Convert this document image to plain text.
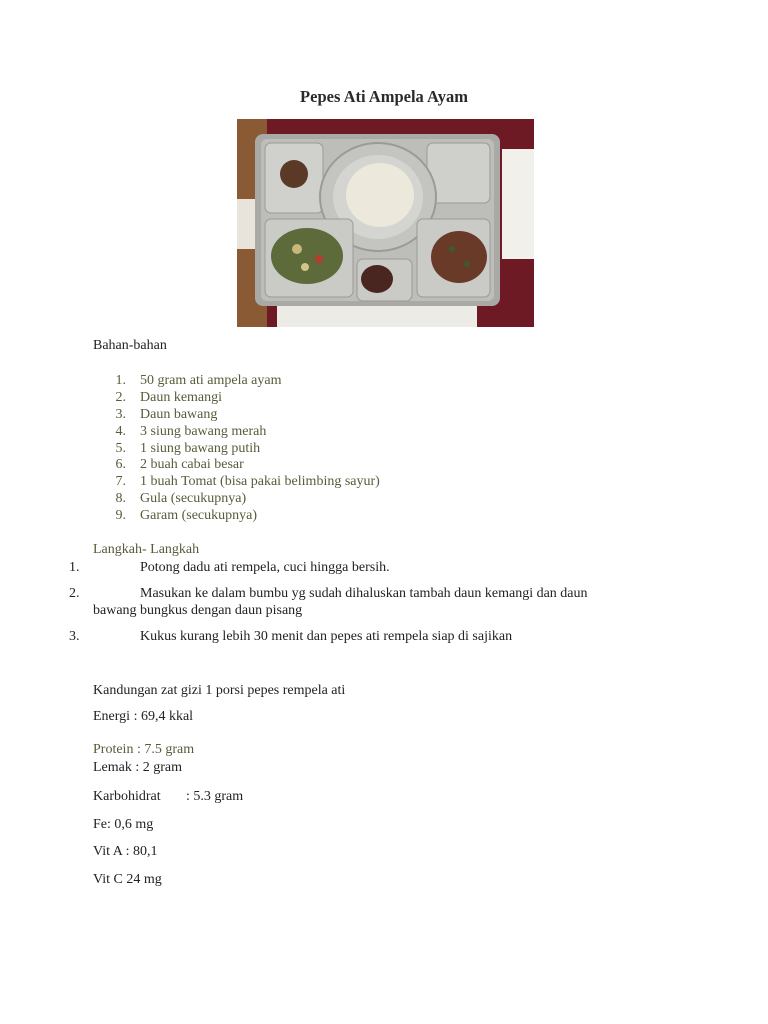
Pepes Ati Ampela Ayam
Bahan-bahan
1. 50 gram ati ampela ayam
2. Daun kemangi
3. Daun bawang
4. 3 siung bawang merah
5. 1 siung bawang putih
6. 2 buah cabai besar
7. 1 buah Tomat (bisa pakai belimbing sayur)
8. Gula (secukupnya)
9. Garam (secukupnya)
Langkah- Langkah
1.	Potong dadu ati rempela, cuci hingga bersih.
2.	Masukan ke dalam bumbu yg sudah dihaluskan tambah daun kemangi dan daun
bawang bungkus dengan daun pisang
3.	Kukus kurang lebih 30 menit dan pepes ati rempela siap di sajikan
Kandungan zat gizi 1 porsi pepes rempela ati
Energi : 69,4 kkal
Protein : 7.5 gram
Lemak : 2 gram
Karbohidrat : 5.3 gram
Fe: 0,6 mg
Vit A : 80,1
Vit C 24 mg
